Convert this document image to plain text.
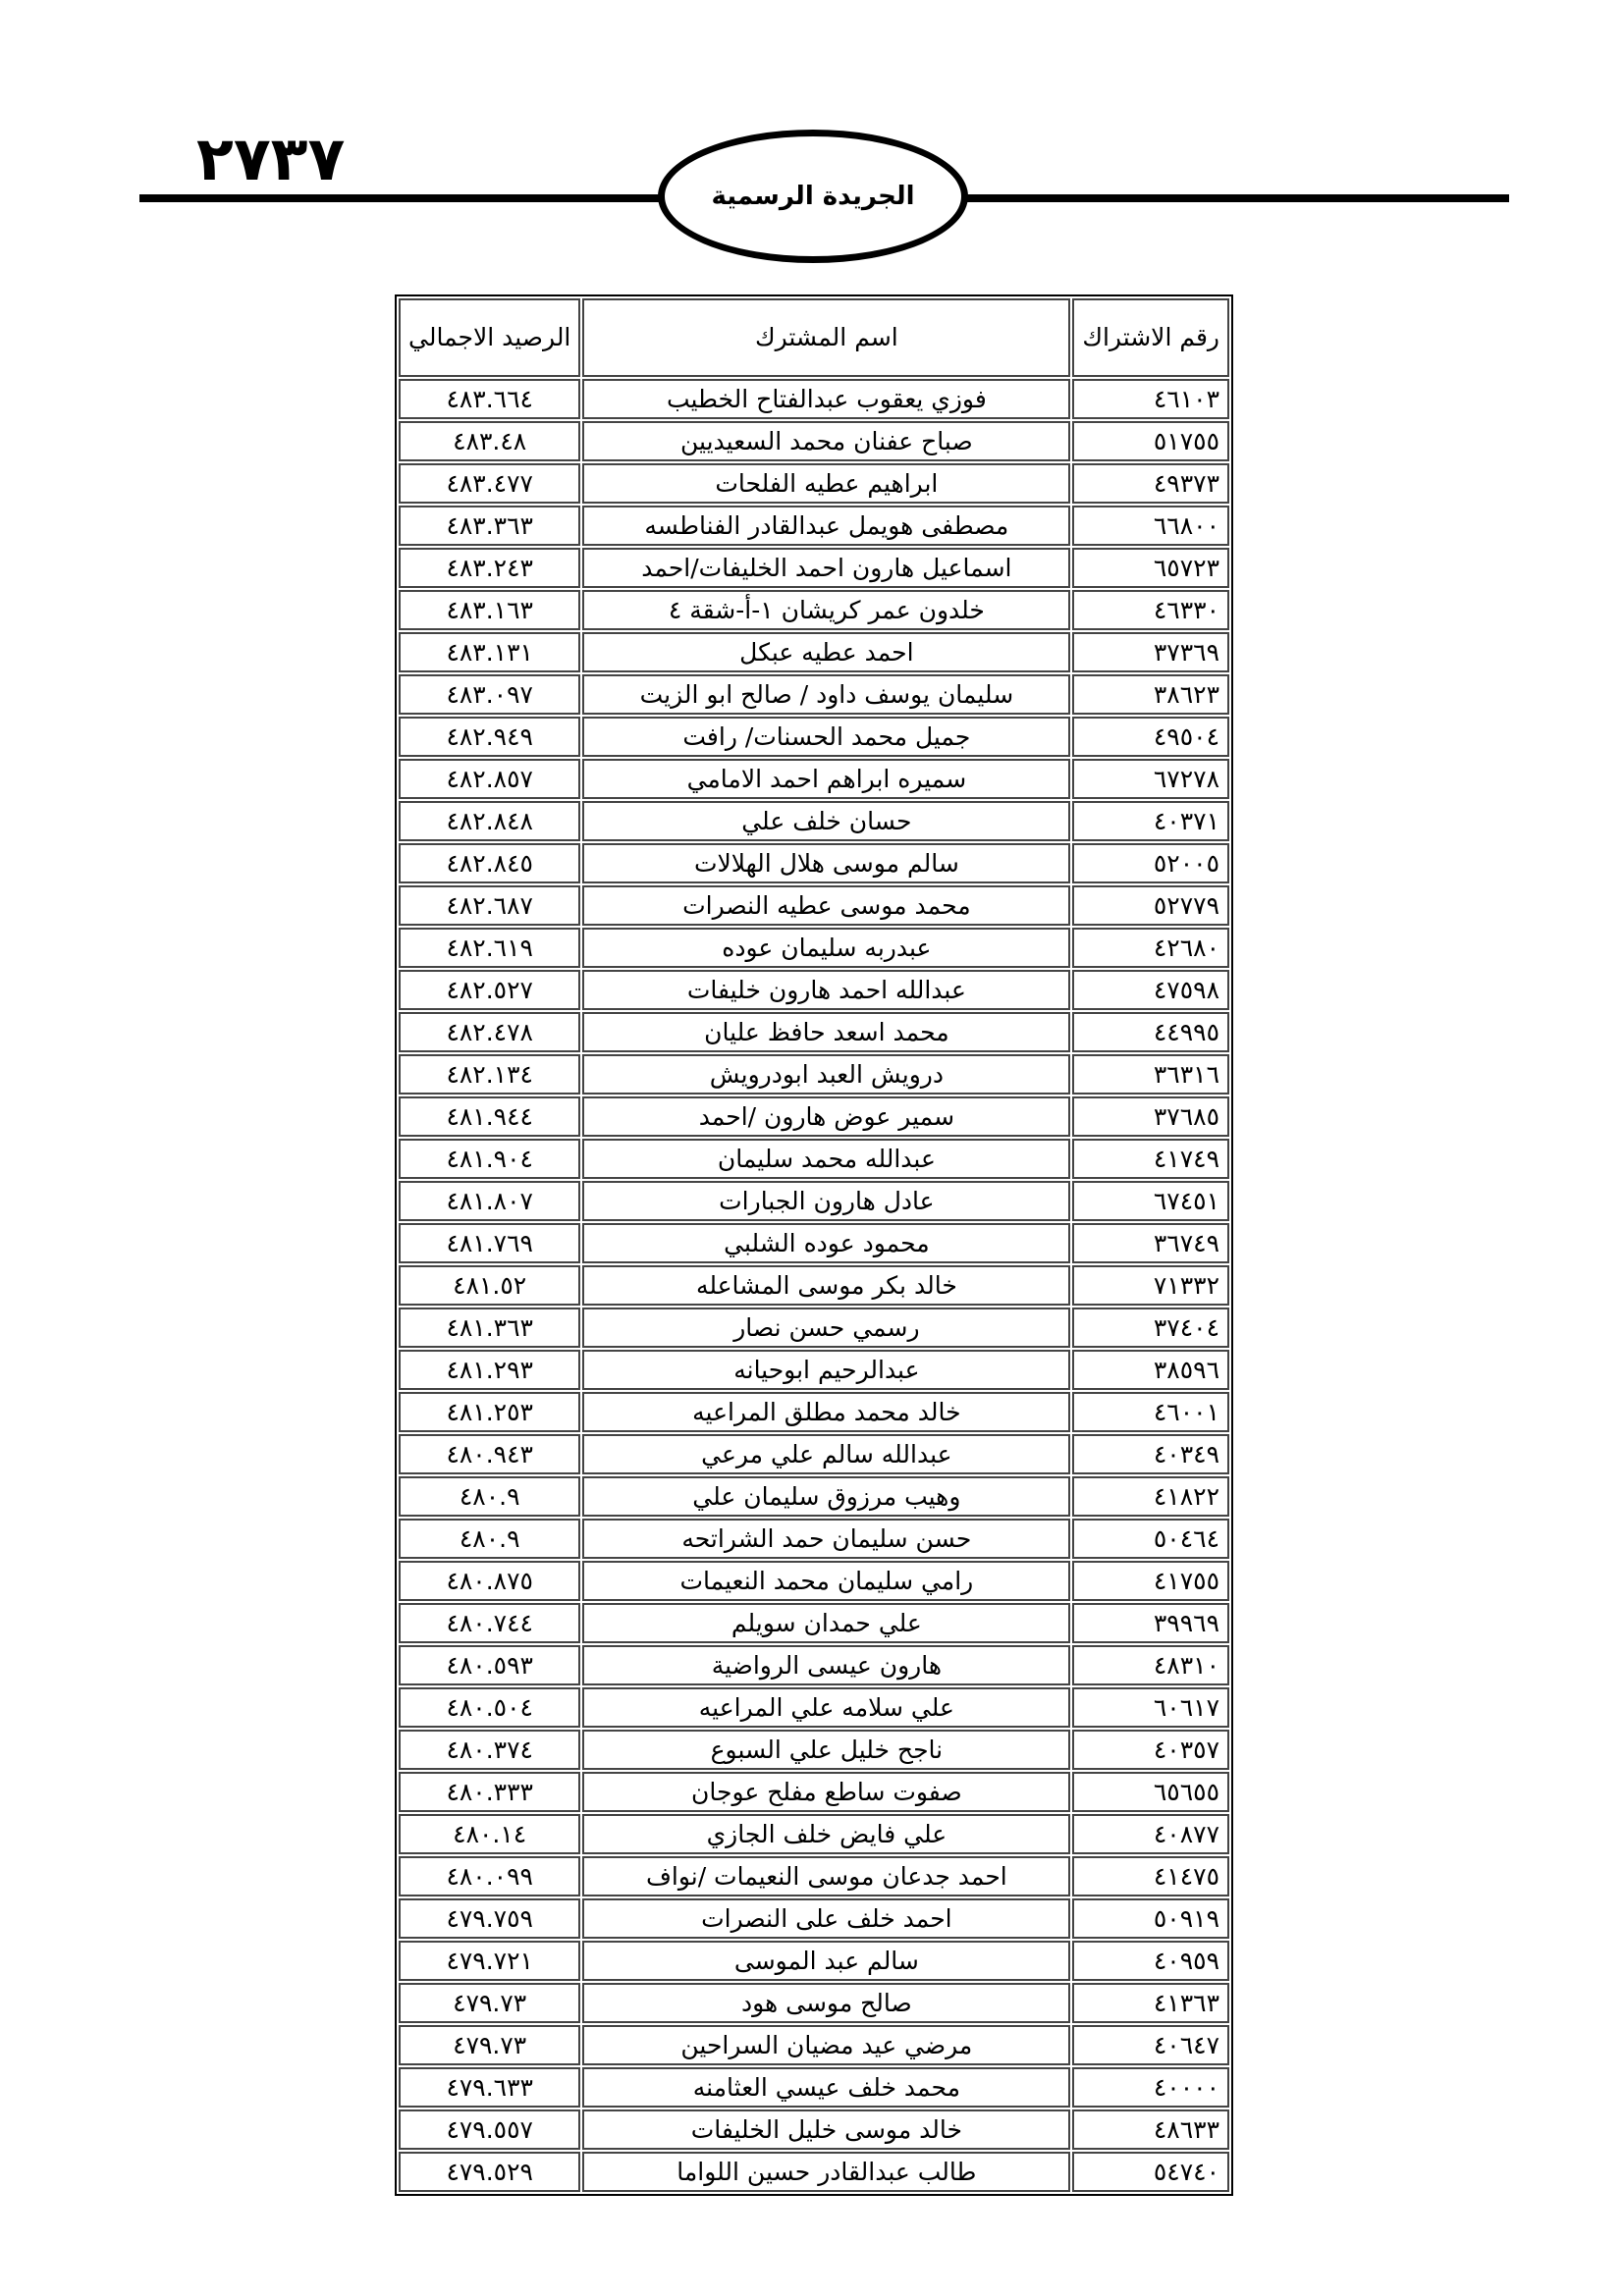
٢٧٣٧
الجريدة الرسمية
رقم الاشتراك	اسم المشترك	الرصيد الاجمالي
٤٦١٠٣	فوزي يعقوب عبدالفتاح الخطيب	٤٨٣.٦٦٤
٥١٧٥٥	صباح عفنان محمد السعيديين	٤٨٣.٤٨
٤٩٣٧٣	ابراهيم عطيه الفلحات	٤٨٣.٤٧٧
٦٦٨٠٠	مصطفى هويمل عبدالقادر الفناطسه	٤٨٣.٣٦٣
٦٥٧٢٣	اسماعيل هارون احمد الخليفات/احمد	٤٨٣.٢٤٣
٤٦٣٣٠	خلدون عمر كريشان ١-أ-شقة ٤	٤٨٣.١٦٣
٣٧٣٦٩	احمد عطيه عبكل	٤٨٣.١٣١
٣٨٦٢٣	سليمان يوسف داود / صالح ابو الزيت	٤٨٣.٠٩٧
٤٩٥٠٤	جميل محمد الحسنات/ رافت	٤٨٢.٩٤٩
٦٧٢٧٨	سميره ابراهم احمد الامامي	٤٨٢.٨٥٧
٤٠٣٧١	حسان خلف علي	٤٨٢.٨٤٨
٥٢٠٠٥	سالم موسى هلال الهلالات	٤٨٢.٨٤٥
٥٢٧٧٩	محمد موسى عطيه النصرات	٤٨٢.٦٨٧
٤٢٦٨٠	عبدربه سليمان عوده	٤٨٢.٦١٩
٤٧٥٩٨	عبدالله احمد هارون خليفات	٤٨٢.٥٢٧
٤٤٩٩٥	محمد اسعد حافظ عليان	٤٨٢.٤٧٨
٣٦٣١٦	درويش العبد ابودرويش	٤٨٢.١٣٤
٣٧٦٨٥	سمير عوض هارون /احمد	٤٨١.٩٤٤
٤١٧٤٩	عبدالله محمد سليمان	٤٨١.٩٠٤
٦٧٤٥١	عادل هارون الجبارات	٤٨١.٨٠٧
٣٦٧٤٩	محمود عوده الشلبي	٤٨١.٧٦٩
٧١٣٣٢	خالد بكر موسى المشاعله	٤٨١.٥٢
٣٧٤٠٤	رسمي حسن نصار	٤٨١.٣٦٣
٣٨٥٩٦	عبدالرحيم ابوحيانه	٤٨١.٢٩٣
٤٦٠٠١	خالد محمد مطلق المراعيه	٤٨١.٢٥٣
٤٠٣٤٩	عبدالله سالم علي مرعي	٤٨٠.٩٤٣
٤١٨٢٢	وهيب مرزوق سليمان علي	٤٨٠.٩
٥٠٤٦٤	حسن سليمان حمد الشراتحه	٤٨٠.٩
٤١٧٥٥	رامي سليمان محمد النعيمات	٤٨٠.٨٧٥
٣٩٩٦٩	علي حمدان سويلم	٤٨٠.٧٤٤
٤٨٣١٠	هارون عيسى الرواضية	٤٨٠.٥٩٣
٦٠٦١٧	علي سلامه علي المراعيه	٤٨٠.٥٠٤
٤٠٣٥٧	ناجح خليل علي السبوع	٤٨٠.٣٧٤
٦٥٦٥٥	صفوت ساطع مفلح عوجان	٤٨٠.٣٣٣
٤٠٨٧٧	علي فايض خلف الجازي	٤٨٠.١٤
٤١٤٧٥	احمد جدعان موسى النعيمات /نواف	٤٨٠.٠٩٩
٥٠٩١٩	احمد خلف على النصرات	٤٧٩.٧٥٩
٤٠٩٥٩	سالم عبد الموسى	٤٧٩.٧٢١
٤١٣٦٣	صالح موسى هود	٤٧٩.٧٣
٤٠٦٤٧	مرضي عيد مضيان السراحين	٤٧٩.٧٣
٤٠٠٠٠	محمد خلف عيسي العثامنه	٤٧٩.٦٣٣
٤٨٦٣٣	خالد موسى خليل الخليفات	٤٧٩.٥٥٧
٥٤٧٤٠	طالب عبدالقادر حسين اللواما	٤٧٩.٥٢٩
